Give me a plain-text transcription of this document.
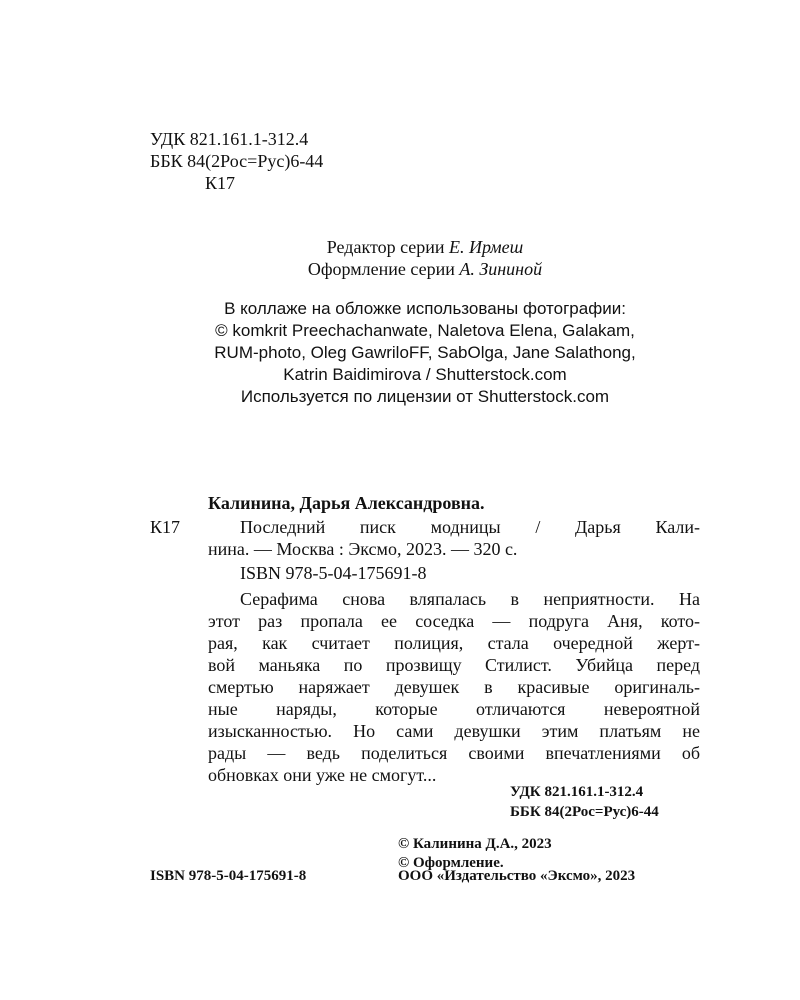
УДК 821.161.1-312.4
ББК 84(2Рос=Рус)6-44
К17
Редактор серии Е. Ирмеш
Оформление серии А. Зининой
В коллаже на обложке использованы фотографии:
© komkrit Preechachanwate, Naletova Elena, Galakam,
RUM-photo, Oleg GawriloFF, SabOlga, Jane Salathong,
Katrin Baidimirova / Shutterstock.com
Используется по лицензии от Shutterstock.com
Калинина, Дарья Александровна.
К17	Последний писк модницы / Дарья Кали-
нина. — Москва : Эксмо, 2023. — 320 с.
ISBN 978-5-04-175691-8
Серафима снова вляпалась в неприятности. На
этот раз пропала ее соседка — подруга Аня, кото-
рая, как считает полиция, стала очередной жерт-
вой маньяка по прозвищу Стилист. Убийца перед
смертью наряжает девушек в красивые оригиналь-
ные наряды, которые отличаются невероятной
изысканностью. Но сами девушки этим платьям не
рады — ведь поделиться своими впечатлениями об
обновках они уже не смогут...
УДК 821.161.1-312.4
ББК 84(2Рос=Рус)6-44
© Калинина Д.А., 2023
© Оформление.
ISBN 978-5-04-175691-8	ООО «Издательство «Эксмо», 2023
